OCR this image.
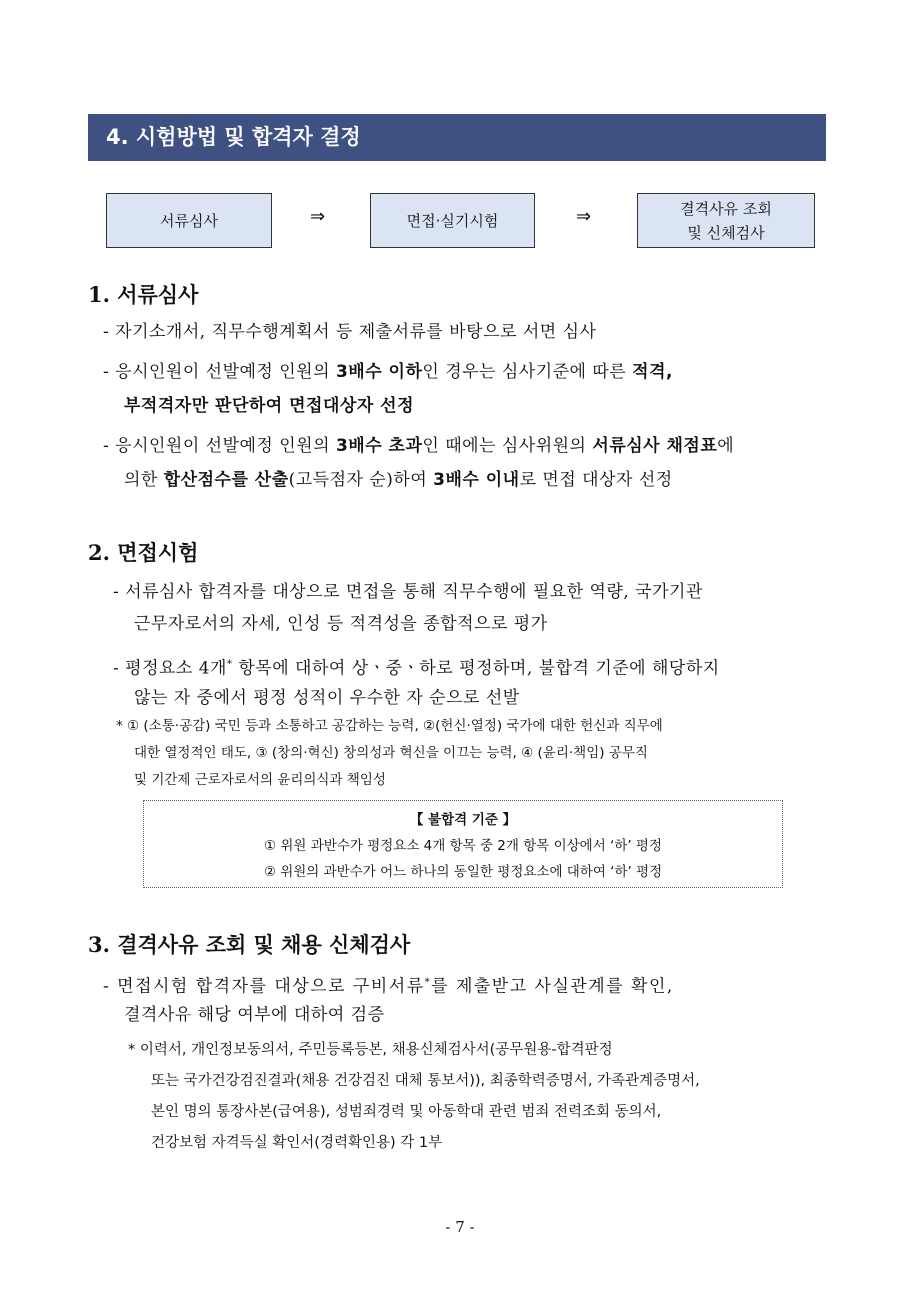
4. 시험방법 및 합격자 결정
서류심사	⇒	면접·실기시험	⇒	결격사유 조회
및 신체검사
1. 서류심사
- 자기소개서, 직무수행계획서 등 제출서류를 바탕으로 서면 심사
- 응시인원이 선발예정 인원의 3배수 이하인 경우는 심사기준에 따른 적격,
부적격자만 판단하여 면접대상자 선정
- 응시인원이 선발예정 인원의 3배수 초과인 때에는 심사위원의 서류심사 채점표에
의한 합산점수를 산출(고득점자 순)하여 3배수 이내로 면접 대상자 선정
2. 면접시험
- 서류심사 합격자를 대상으로 면접을 통해 직무수행에 필요한 역량, 국가기관
근무자로서의 자세, 인성 등 적격성을 종합적으로 평가
- 평정요소 4개* 항목에 대하여 상ㆍ중ㆍ하로 평정하며, 불합격 기준에 해당하지
않는 자 중에서 평정 성적이 우수한 자 순으로 선발
* ① (소통·공감) 국민 등과 소통하고 공감하는 능력, ②(헌신·열정) 국가에 대한 헌신과 직무에
대한 열정적인 태도, ③ (창의·혁신) 창의성과 혁신을 이끄는 능력, ④ (윤리·책임) 공무직
및 기간제 근로자로서의 윤리의식과 책임성
【 불합격 기준 】
① 위원 과반수가 평정요소 4개 항목 중 2개 항목 이상에서 ‘하’ 평정
② 위원의 과반수가 어느 하나의 동일한 평정요소에 대하여 ‘하’ 평정
3. 결격사유 조회 및 채용 신체검사
- 면접시험 합격자를 대상으로 구비서류*를 제출받고 사실관계를 확인,
결격사유 해당 여부에 대하여 검증
* 이력서, 개인정보동의서, 주민등록등본, 채용신체검사서(공무원용-합격판정
또는 국가건강검진결과(채용 건강검진 대체 통보서)), 최종학력증명서, 가족관계증명서,
본인 명의 통장사본(급여용), 성범죄경력 및 아동학대 관련 범죄 전력조회 동의서,
건강보험 자격득실 확인서(경력확인용) 각 1부
- 7 -
